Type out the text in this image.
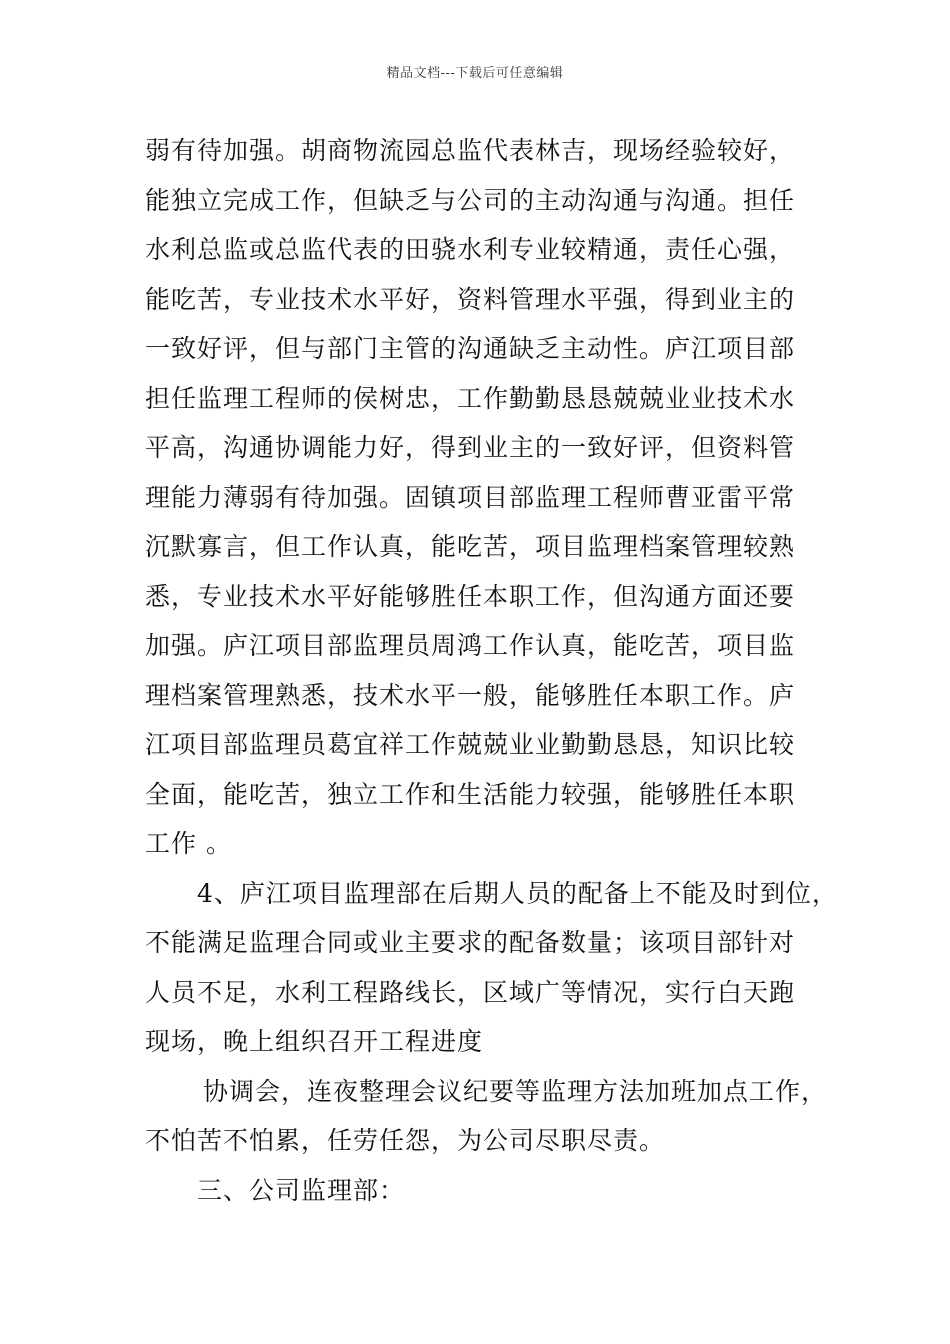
精品文档---下载后可任意编辑
弱有待加强。胡商物流园总监代表林吉，现场经验较好，
能独立完成工作，但缺乏与公司的主动沟通与沟通。担任
水利总监或总监代表的田骁水利专业较精通，责任心强，
能吃苦，专业技术水平好，资料管理水平强，得到业主的
一致好评，但与部门主管的沟通缺乏主动性。庐江项目部
担任监理工程师的侯树忠，工作勤勤恳恳兢兢业业技术水
平高，沟通协调能力好，得到业主的一致好评，但资料管
理能力薄弱有待加强。固镇项目部监理工程师曹亚雷平常
沉默寡言，但工作认真，能吃苦，项目监理档案管理较熟
悉，专业技术水平好能够胜任本职工作，但沟通方面还要
加强。庐江项目部监理员周鸿工作认真，能吃苦，项目监
理档案管理熟悉，技术水平一般，能够胜任本职工作。庐
江项目部监理员葛宜祥工作兢兢业业勤勤恳恳，知识比较
全面，能吃苦，独立工作和生活能力较强，能够胜任本职
工作 。
4、庐江项目监理部在后期人员的配备上不能及时到位，
不能满足监理合同或业主要求的配备数量；该项目部针对
人员不足，水利工程路线长，区域广等情况，实行白天跑
现场，晚上组织召开工程进度
协调会，连夜整理会议纪要等监理方法加班加点工作，
不怕苦不怕累，任劳任怨，为公司尽职尽责。
三、公司监理部：
